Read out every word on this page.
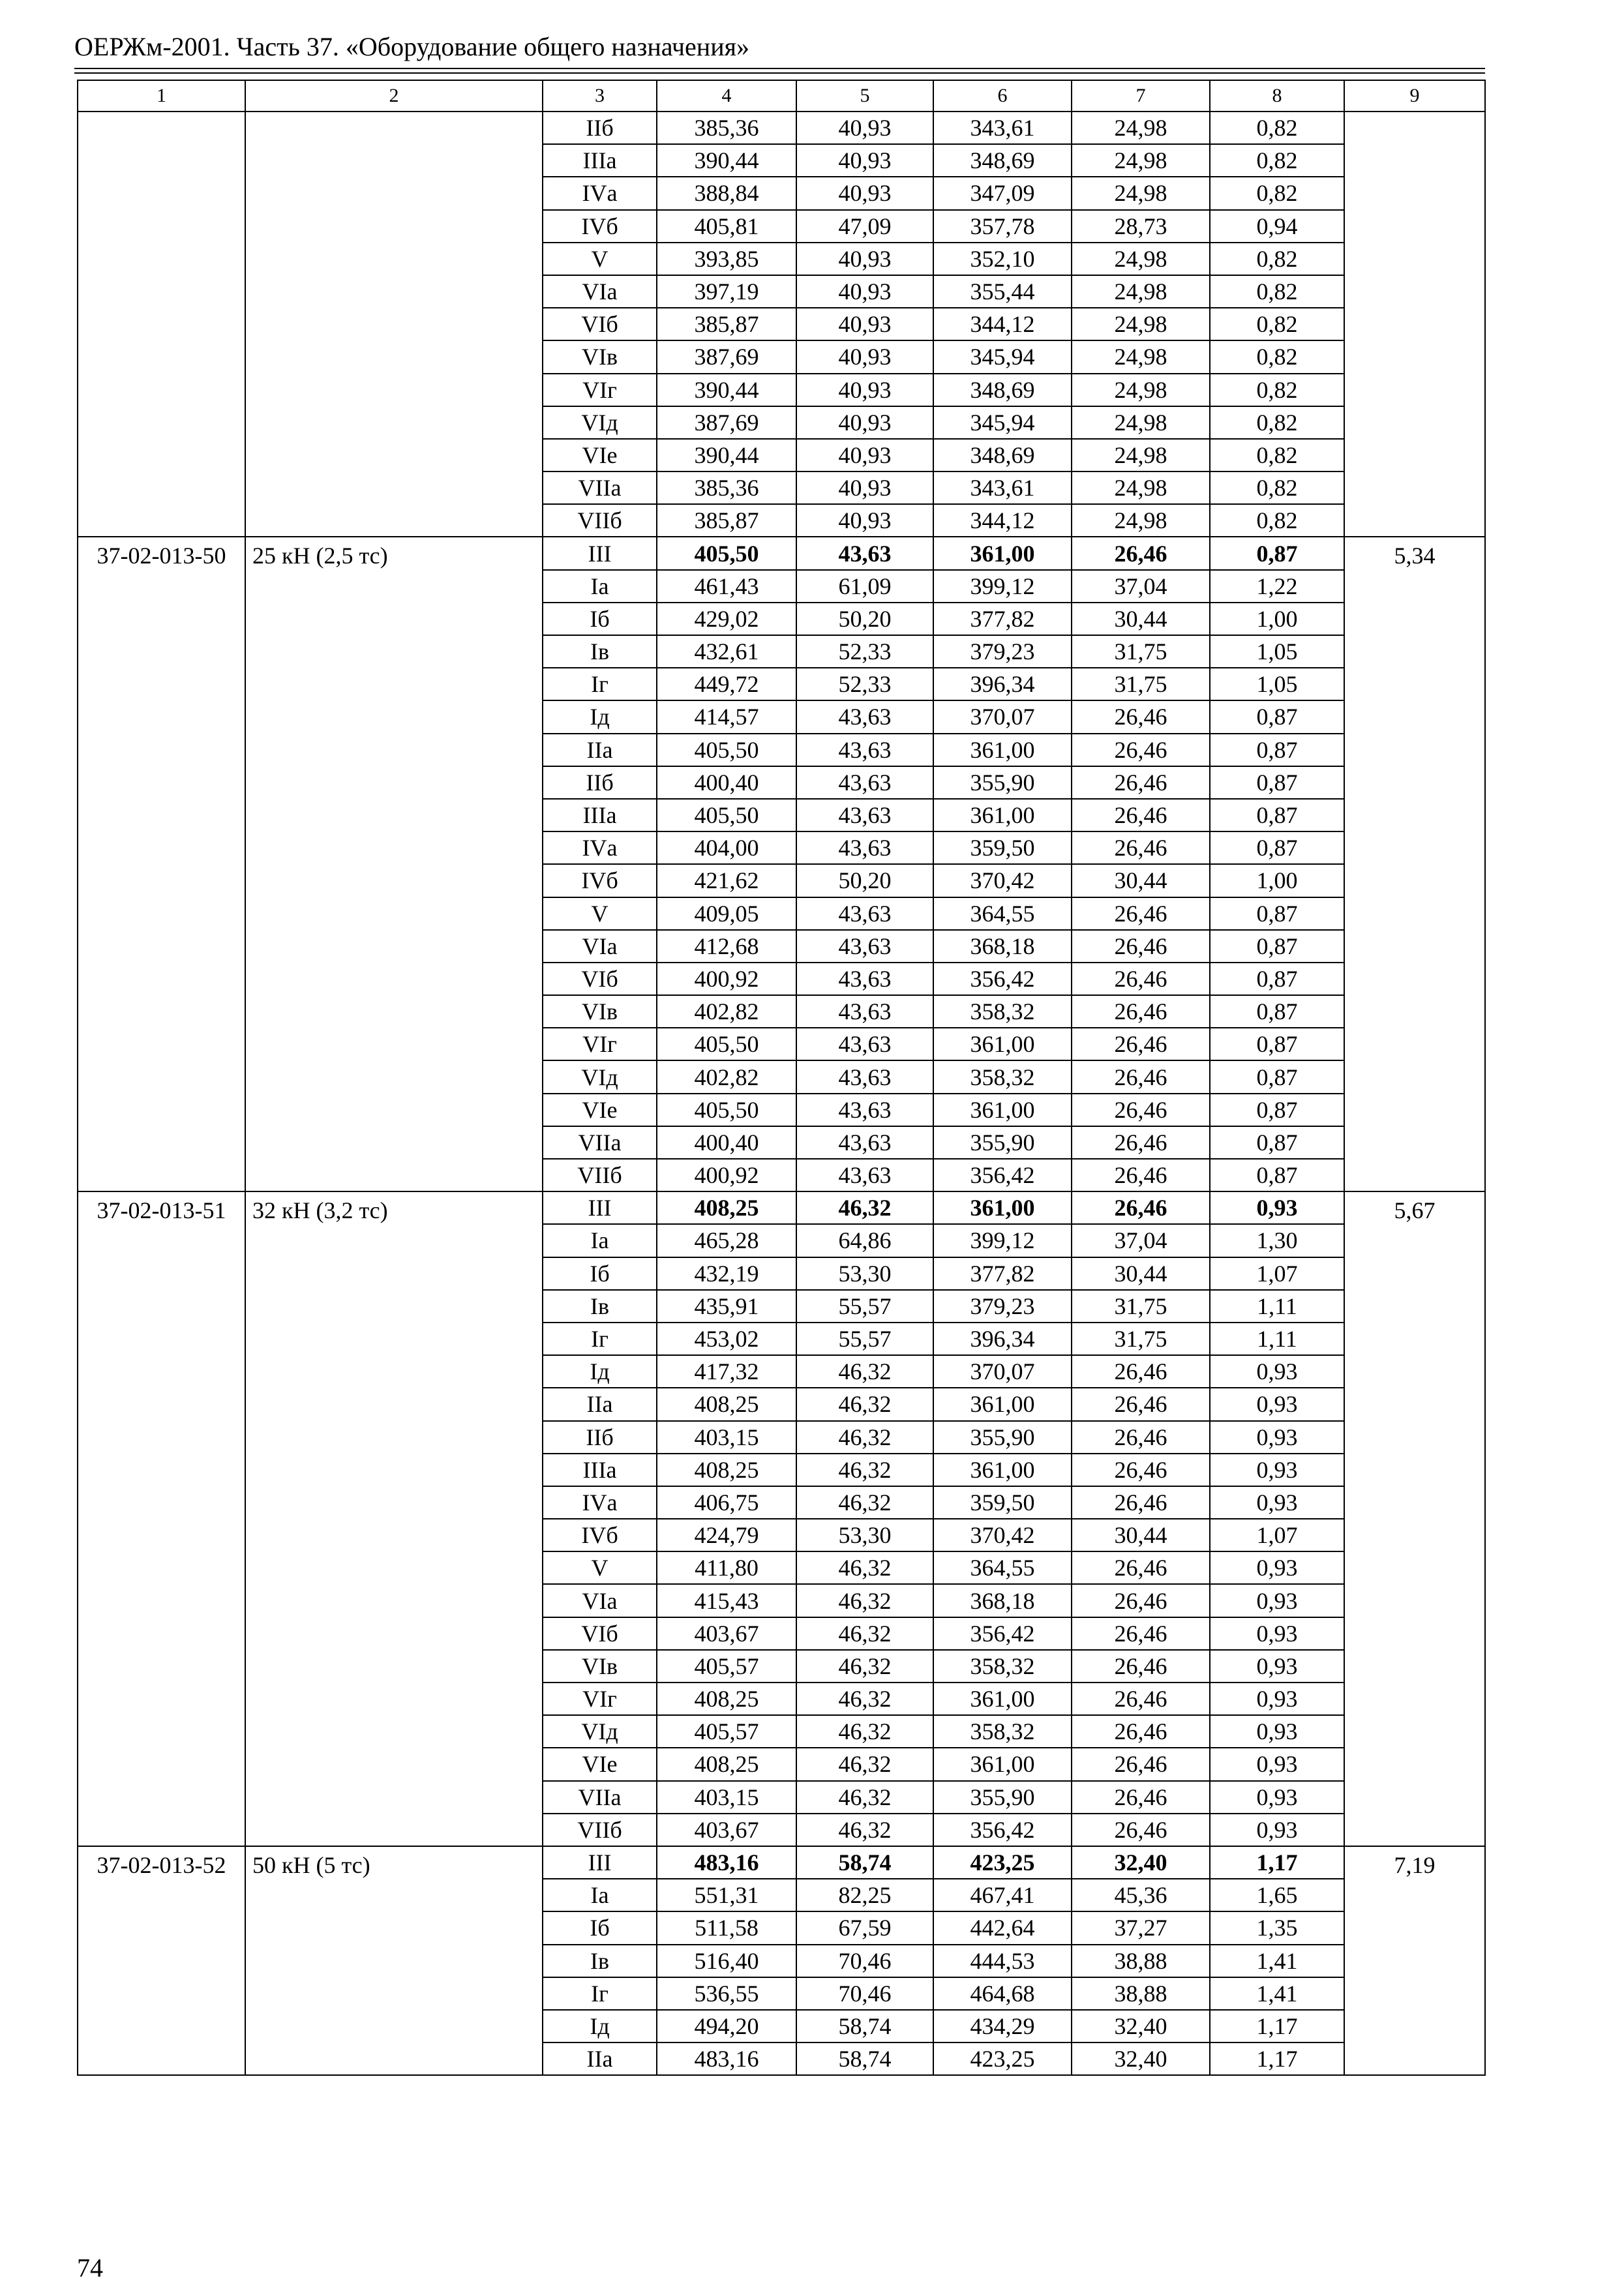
ОЕРЖм-2001. Часть 37. «Оборудование общего назначения»
1	2	3	4	5	6	7	8	9
		IIб	385,36	40,93	343,61	24,98	0,82	
		IIIа	390,44	40,93	348,69	24,98	0,82	
		IVа	388,84	40,93	347,09	24,98	0,82	
		IVб	405,81	47,09	357,78	28,73	0,94	
		V	393,85	40,93	352,10	24,98	0,82	
		VIа	397,19	40,93	355,44	24,98	0,82	
		VIб	385,87	40,93	344,12	24,98	0,82	
		VIв	387,69	40,93	345,94	24,98	0,82	
		VIг	390,44	40,93	348,69	24,98	0,82	
		VIд	387,69	40,93	345,94	24,98	0,82	
		VIе	390,44	40,93	348,69	24,98	0,82	
		VIIа	385,36	40,93	343,61	24,98	0,82	
		VIIб	385,87	40,93	344,12	24,98	0,82	
37-02-013-50	25 кН (2,5 тс)	III	405,50	43,63	361,00	26,46	0,87	5,34
		Iа	461,43	61,09	399,12	37,04	1,22	
		Iб	429,02	50,20	377,82	30,44	1,00	
		Iв	432,61	52,33	379,23	31,75	1,05	
		Iг	449,72	52,33	396,34	31,75	1,05	
		Iд	414,57	43,63	370,07	26,46	0,87	
		IIа	405,50	43,63	361,00	26,46	0,87	
		IIб	400,40	43,63	355,90	26,46	0,87	
		IIIа	405,50	43,63	361,00	26,46	0,87	
		IVа	404,00	43,63	359,50	26,46	0,87	
		IVб	421,62	50,20	370,42	30,44	1,00	
		V	409,05	43,63	364,55	26,46	0,87	
		VIа	412,68	43,63	368,18	26,46	0,87	
		VIб	400,92	43,63	356,42	26,46	0,87	
		VIв	402,82	43,63	358,32	26,46	0,87	
		VIг	405,50	43,63	361,00	26,46	0,87	
		VIд	402,82	43,63	358,32	26,46	0,87	
		VIе	405,50	43,63	361,00	26,46	0,87	
		VIIа	400,40	43,63	355,90	26,46	0,87	
		VIIб	400,92	43,63	356,42	26,46	0,87	
37-02-013-51	32 кН (3,2 тс)	III	408,25	46,32	361,00	26,46	0,93	5,67
		Iа	465,28	64,86	399,12	37,04	1,30	
		Iб	432,19	53,30	377,82	30,44	1,07	
		Iв	435,91	55,57	379,23	31,75	1,11	
		Iг	453,02	55,57	396,34	31,75	1,11	
		Iд	417,32	46,32	370,07	26,46	0,93	
		IIа	408,25	46,32	361,00	26,46	0,93	
		IIб	403,15	46,32	355,90	26,46	0,93	
		IIIа	408,25	46,32	361,00	26,46	0,93	
		IVа	406,75	46,32	359,50	26,46	0,93	
		IVб	424,79	53,30	370,42	30,44	1,07	
		V	411,80	46,32	364,55	26,46	0,93	
		VIа	415,43	46,32	368,18	26,46	0,93	
		VIб	403,67	46,32	356,42	26,46	0,93	
		VIв	405,57	46,32	358,32	26,46	0,93	
		VIг	408,25	46,32	361,00	26,46	0,93	
		VIд	405,57	46,32	358,32	26,46	0,93	
		VIе	408,25	46,32	361,00	26,46	0,93	
		VIIа	403,15	46,32	355,90	26,46	0,93	
		VIIб	403,67	46,32	356,42	26,46	0,93	
37-02-013-52	50 кН (5 тс)	III	483,16	58,74	423,25	32,40	1,17	7,19
		Iа	551,31	82,25	467,41	45,36	1,65	
		Iб	511,58	67,59	442,64	37,27	1,35	
		Iв	516,40	70,46	444,53	38,88	1,41	
		Iг	536,55	70,46	464,68	38,88	1,41	
		Iд	494,20	58,74	434,29	32,40	1,17	
		IIа	483,16	58,74	423,25	32,40	1,17	
74
